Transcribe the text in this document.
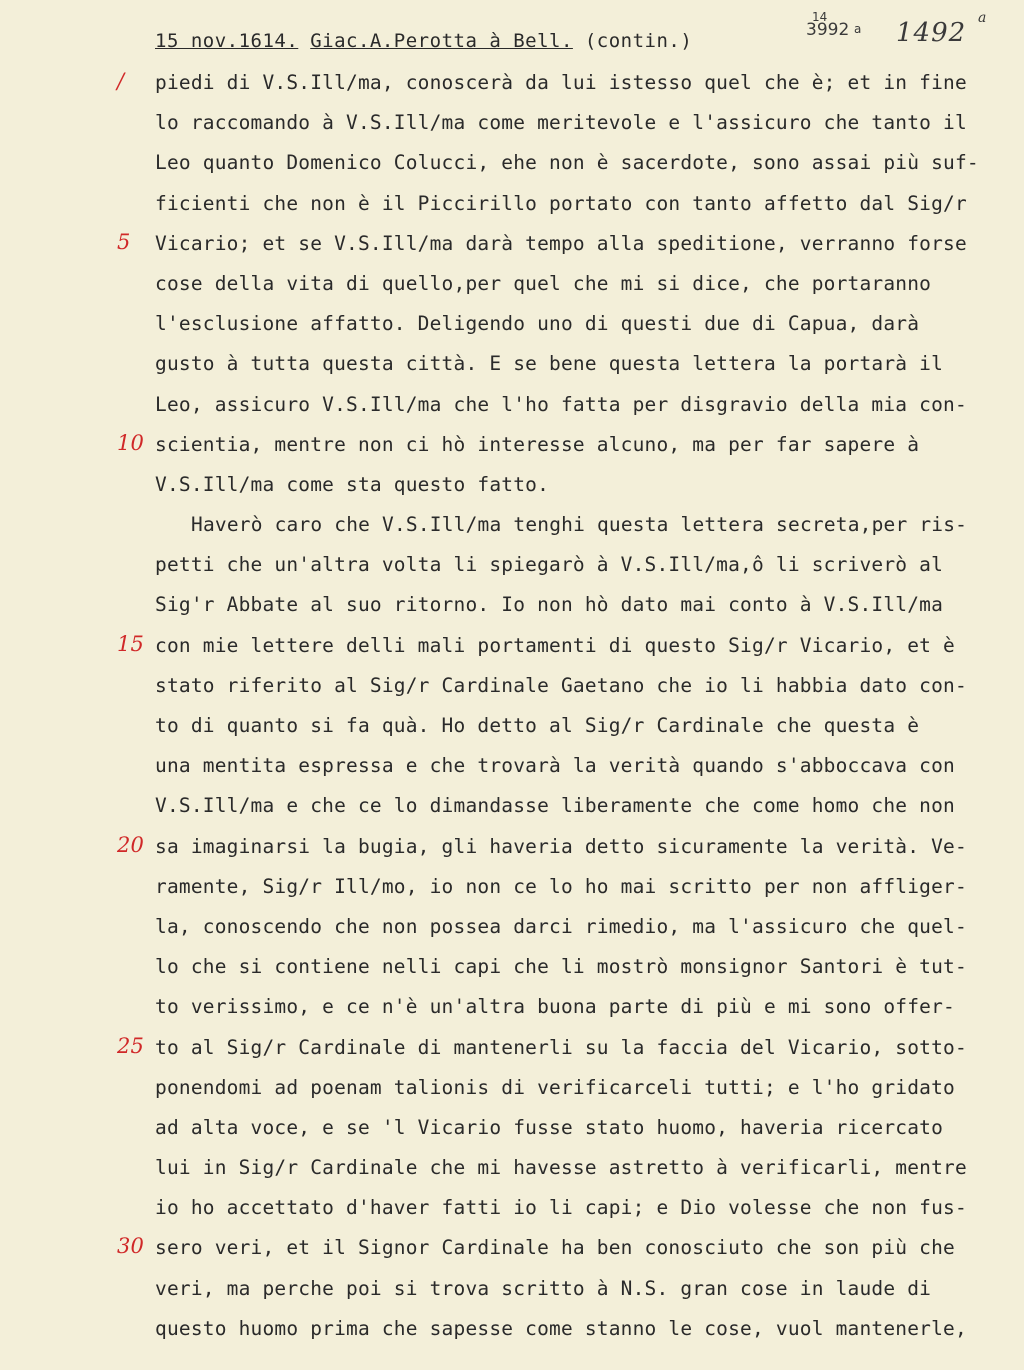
15 nov.1614. Giac.A.Perotta à Bell. (contin.)
14
3992 a 1492 a
/ piedi di V.S.Ill/ma, conoscerà da lui istesso quel che è; et in fine
lo raccomando à V.S.Ill/ma come meritevole e l'assicuro che tanto il
Leo quanto Domenico Colucci, ehe non è sacerdote, sono assai più suf-
ficienti che non è il Piccirillo portato con tanto affetto dal Sig/r
5 Vicario; et se V.S.Ill/ma darà tempo alla speditione, verranno forse
cose della vita di quello,per quel che mi si dice, che portaranno
l'esclusione affatto. Deligendo uno di questi due di Capua, darà
gusto à tutta questa città. E se bene questa lettera la portarà il
Leo, assicuro V.S.Ill/ma che l'ho fatta per disgravio della mia con-
10 scientia, mentre non ci hò interesse alcuno, ma per far sapere à
V.S.Ill/ma come sta questo fatto.
Haverò caro che V.S.Ill/ma tenghi questa lettera secreta,per ris-
petti che un'altra volta li spiegarò à V.S.Ill/ma,ô li scriverò al
Sig'r Abbate al suo ritorno. Io non hò dato mai conto à V.S.Ill/ma
15 con mie lettere delli mali portamenti di questo Sig/r Vicario, et è
stato riferito al Sig/r Cardinale Gaetano che io li habbia dato con-
to di quanto si fa quà. Ho detto al Sig/r Cardinale che questa è
una mentita espressa e che trovarà la verità quando s'abboccava con
V.S.Ill/ma e che ce lo dimandasse liberamente che come homo che non
20 sa imaginarsi la bugia, gli haveria detto sicuramente la verità. Ve-
ramente, Sig/r Ill/mo, io non ce lo ho mai scritto per non affliger-
la, conoscendo che non possea darci rimedio, ma l'assicuro che quel-
lo che si contiene nelli capi che li mostrò monsignor Santori è tut-
to verissimo, e ce n'è un'altra buona parte di più e mi sono offer-
25 to al Sig/r Cardinale di mantenerli su la faccia del Vicario, sotto-
ponendomi ad poenam talionis di verificarceli tutti; e l'ho gridato
ad alta voce, e se 'l Vicario fusse stato huomo, haveria ricercato
lui in Sig/r Cardinale che mi havesse astretto à verificarli, mentre
io ho accettato d'haver fatti io li capi; e Dio volesse che non fus-
30 sero veri, et il Signor Cardinale ha ben conosciuto che son più che
veri, ma perche poi si trova scritto à N.S. gran cose in laude di
questo huomo prima che sapesse come stanno le cose, vuol mantenerle,
